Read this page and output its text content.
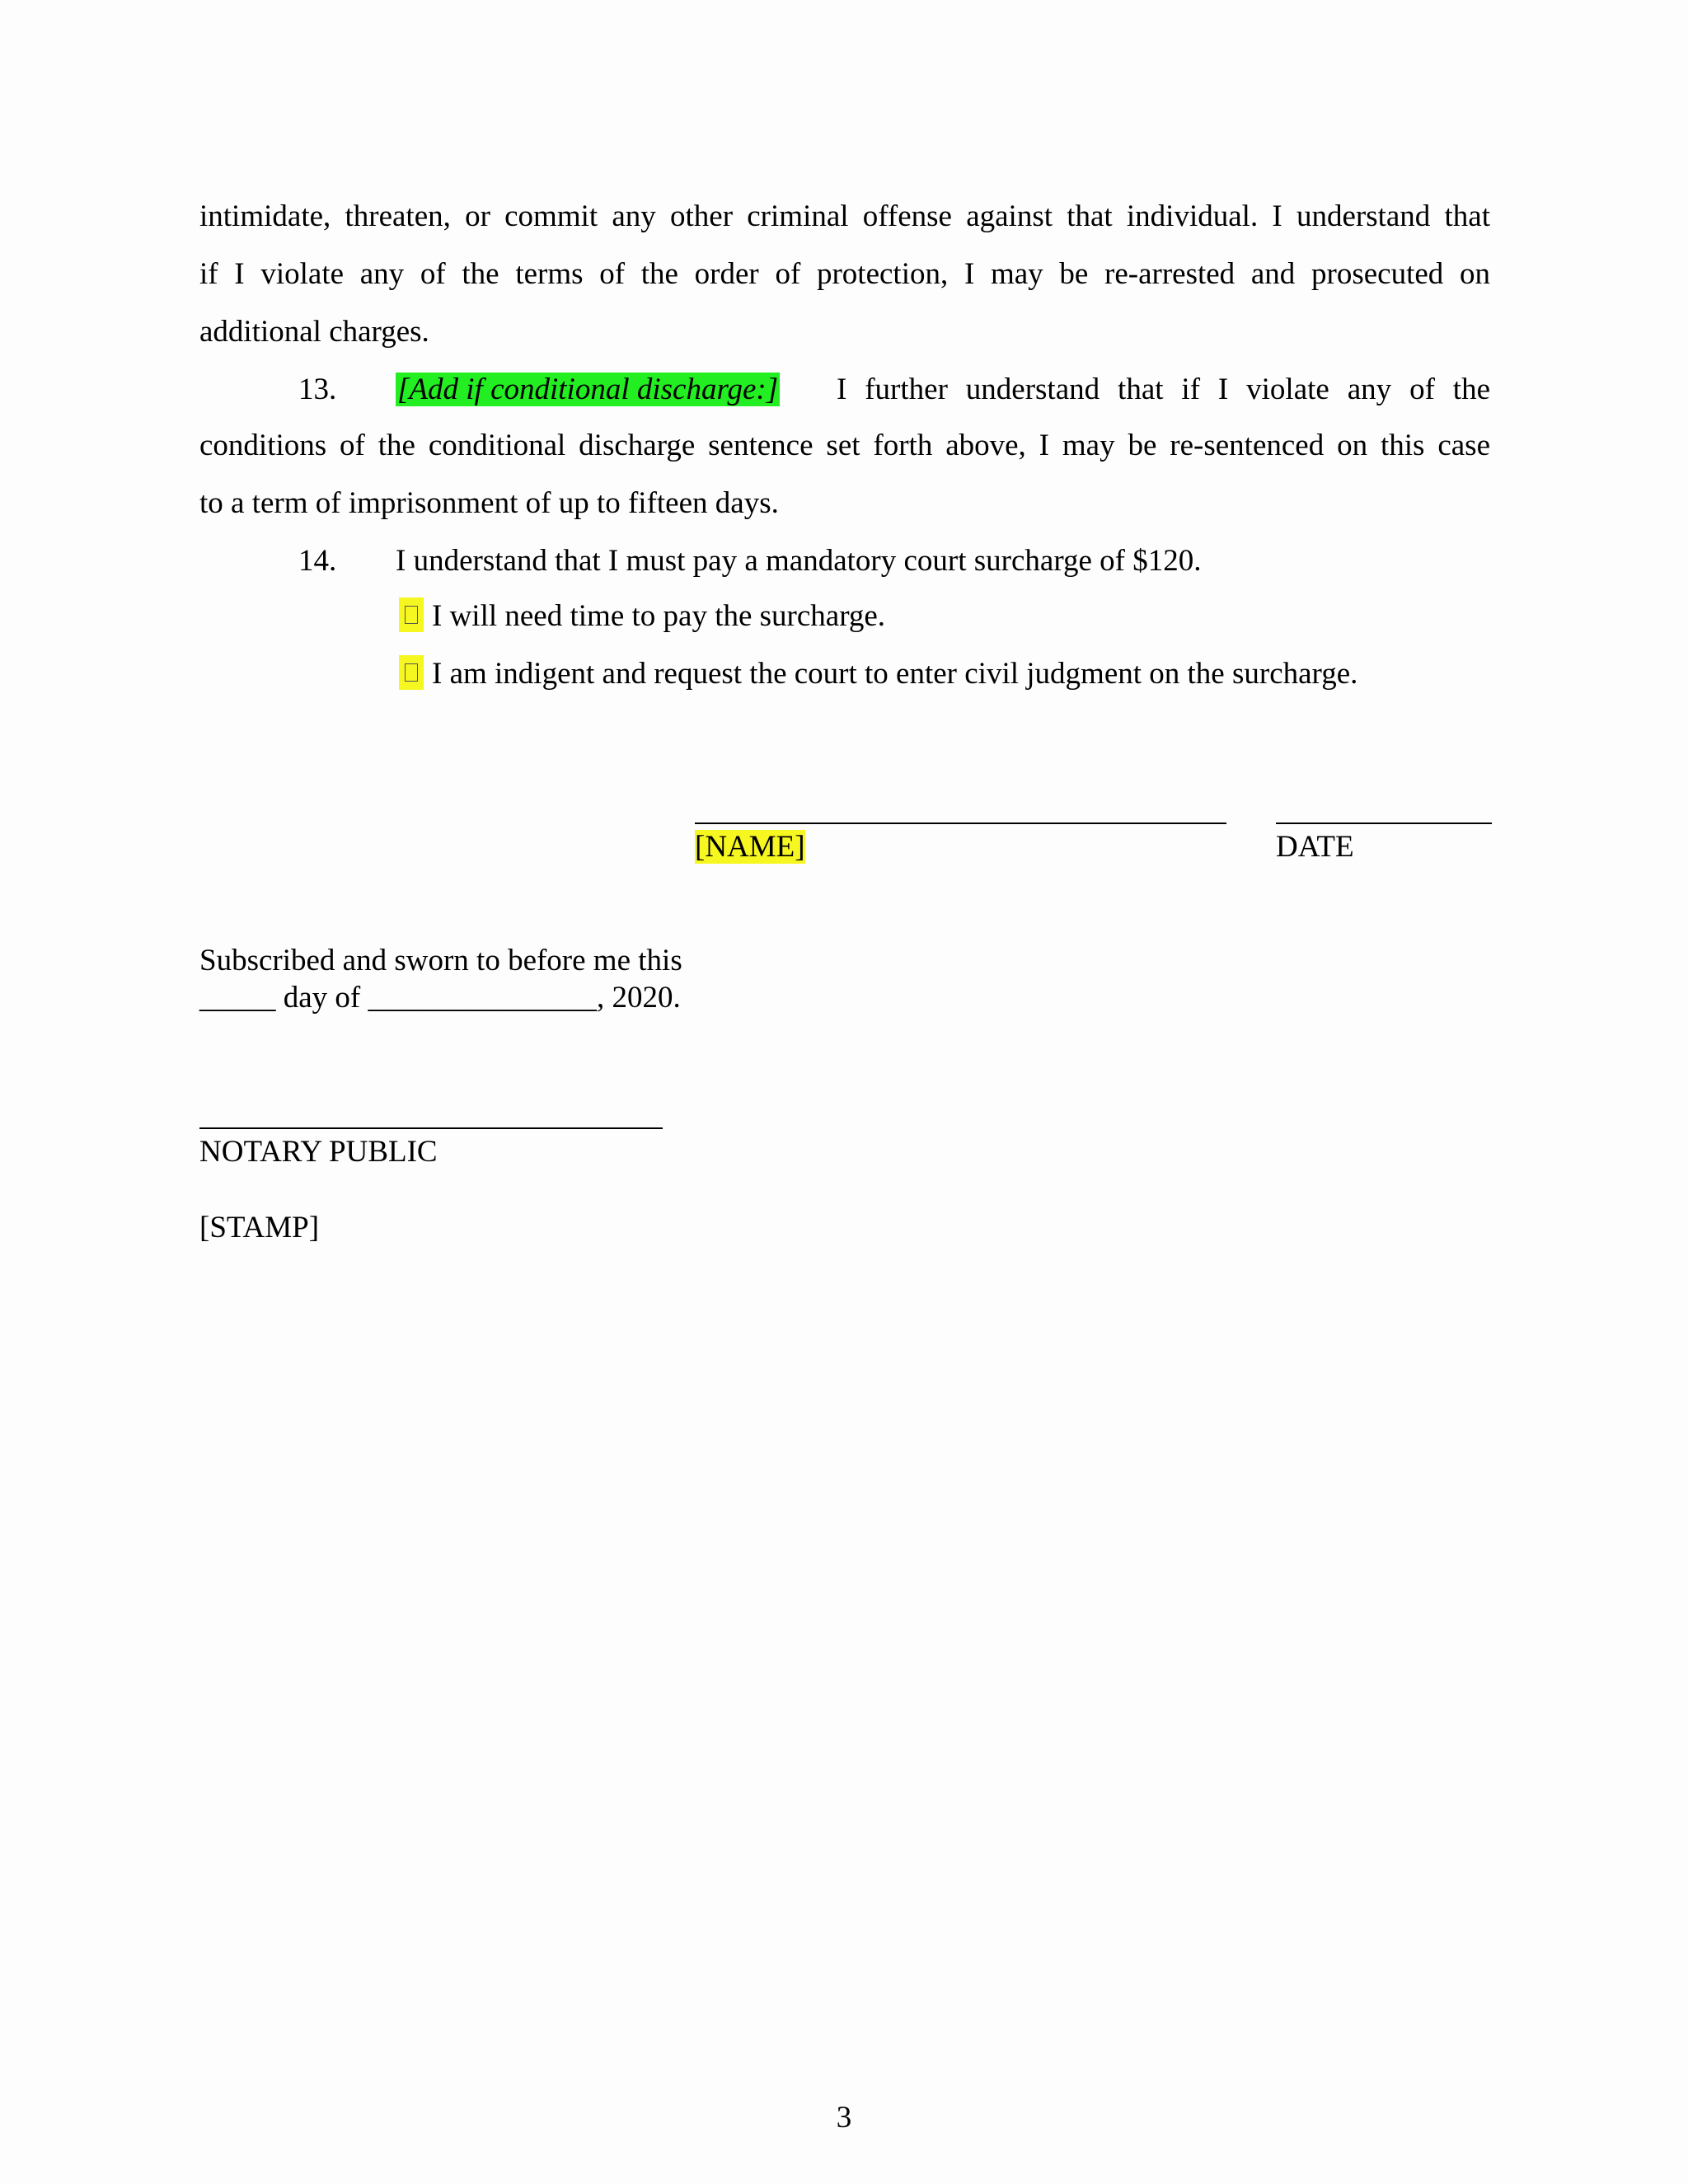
intimidate, threaten, or commit any other criminal offense against that individual. I understand that
if I violate any of the terms of the order of protection, I may be re-arrested and prosecuted on
additional charges.
13. [Add if conditional discharge:] I further understand that if I violate any of the
conditions of the conditional discharge sentence set forth above, I may be re-sentenced on this case
to a term of imprisonment of up to fifteen days.
14. I understand that I must pay a mandatory court surcharge of $120.
I will need time to pay the surcharge.
I am indigent and request the court to enter civil judgment on the surcharge.
[NAME]	DATE
Subscribed and sworn to before me this
_____ day of _______________, 2020.
NOTARY PUBLIC
[STAMP]
3
